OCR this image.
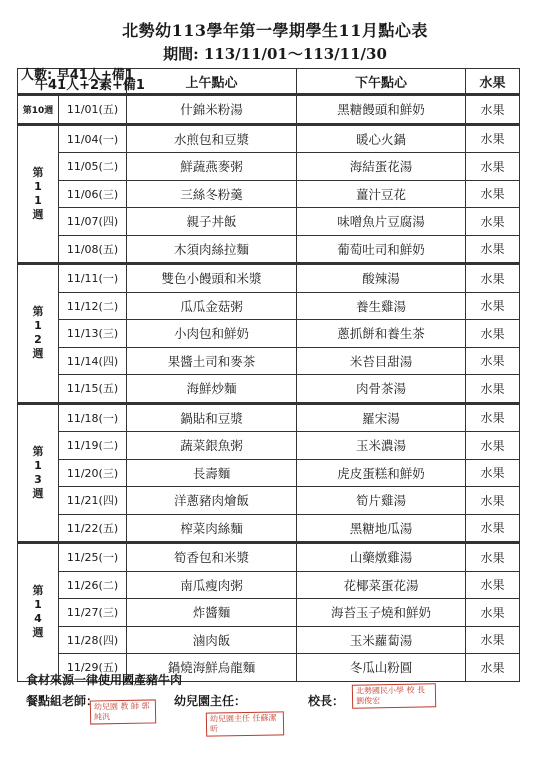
北勢幼113學年第一學期學生11月點心表
期間: 113/11/01～113/11/30
人數: 早41人+備1
午41人+2素+備1		上午點心	下午點心	水果
第10週	11/01(五)	什錦米粉湯	黑糖饅頭和鮮奶	水果
第11週	11/04(一)	水煎包和豆漿	暖心火鍋	水果
	11/05(二)	鮮蔬燕麥粥	海結蛋花湯	水果
	11/06(三)	三絲冬粉羹	薑汁豆花	水果
	11/07(四)	親子丼飯	味噌魚片豆腐湯	水果
	11/08(五)	木須肉絲拉麵	葡萄吐司和鮮奶	水果
第12週	11/11(一)	雙色小饅頭和米漿	酸辣湯	水果
	11/12(二)	瓜瓜金菇粥	養生雞湯	水果
	11/13(三)	小肉包和鮮奶	蔥抓餅和養生茶	水果
	11/14(四)	果醬土司和麥茶	米苔目甜湯	水果
	11/15(五)	海鮮炒麵	肉骨茶湯	水果
第13週	11/18(一)	鍋貼和豆漿	羅宋湯	水果
	11/19(二)	蔬菜銀魚粥	玉米濃湯	水果
	11/20(三)	長壽麵	虎皮蛋糕和鮮奶	水果
	11/21(四)	洋蔥豬肉燴飯	筍片雞湯	水果
	11/22(五)	榨菜肉絲麵	黑糖地瓜湯	水果
第14週	11/25(一)	筍香包和米漿	山藥燉雞湯	水果
	11/26(二)	南瓜瘦肉粥	花椰菜蛋花湯	水果
	11/27(三)	炸醬麵	海苔玉子燒和鮮奶	水果
	11/28(四)	滷肉飯	玉米蘿蔔湯	水果
	11/29(五)	鍋燒海鮮烏龍麵	冬瓜山粉圓	水果
食材來源一律使用國產豬牛肉
餐點組老師：	幼兒園主任：	校長：
幼兒園 教 師 郭純汎	幼兒園主任 任蘇潔昕
北勢國民小學 校 長 劉俊宏
